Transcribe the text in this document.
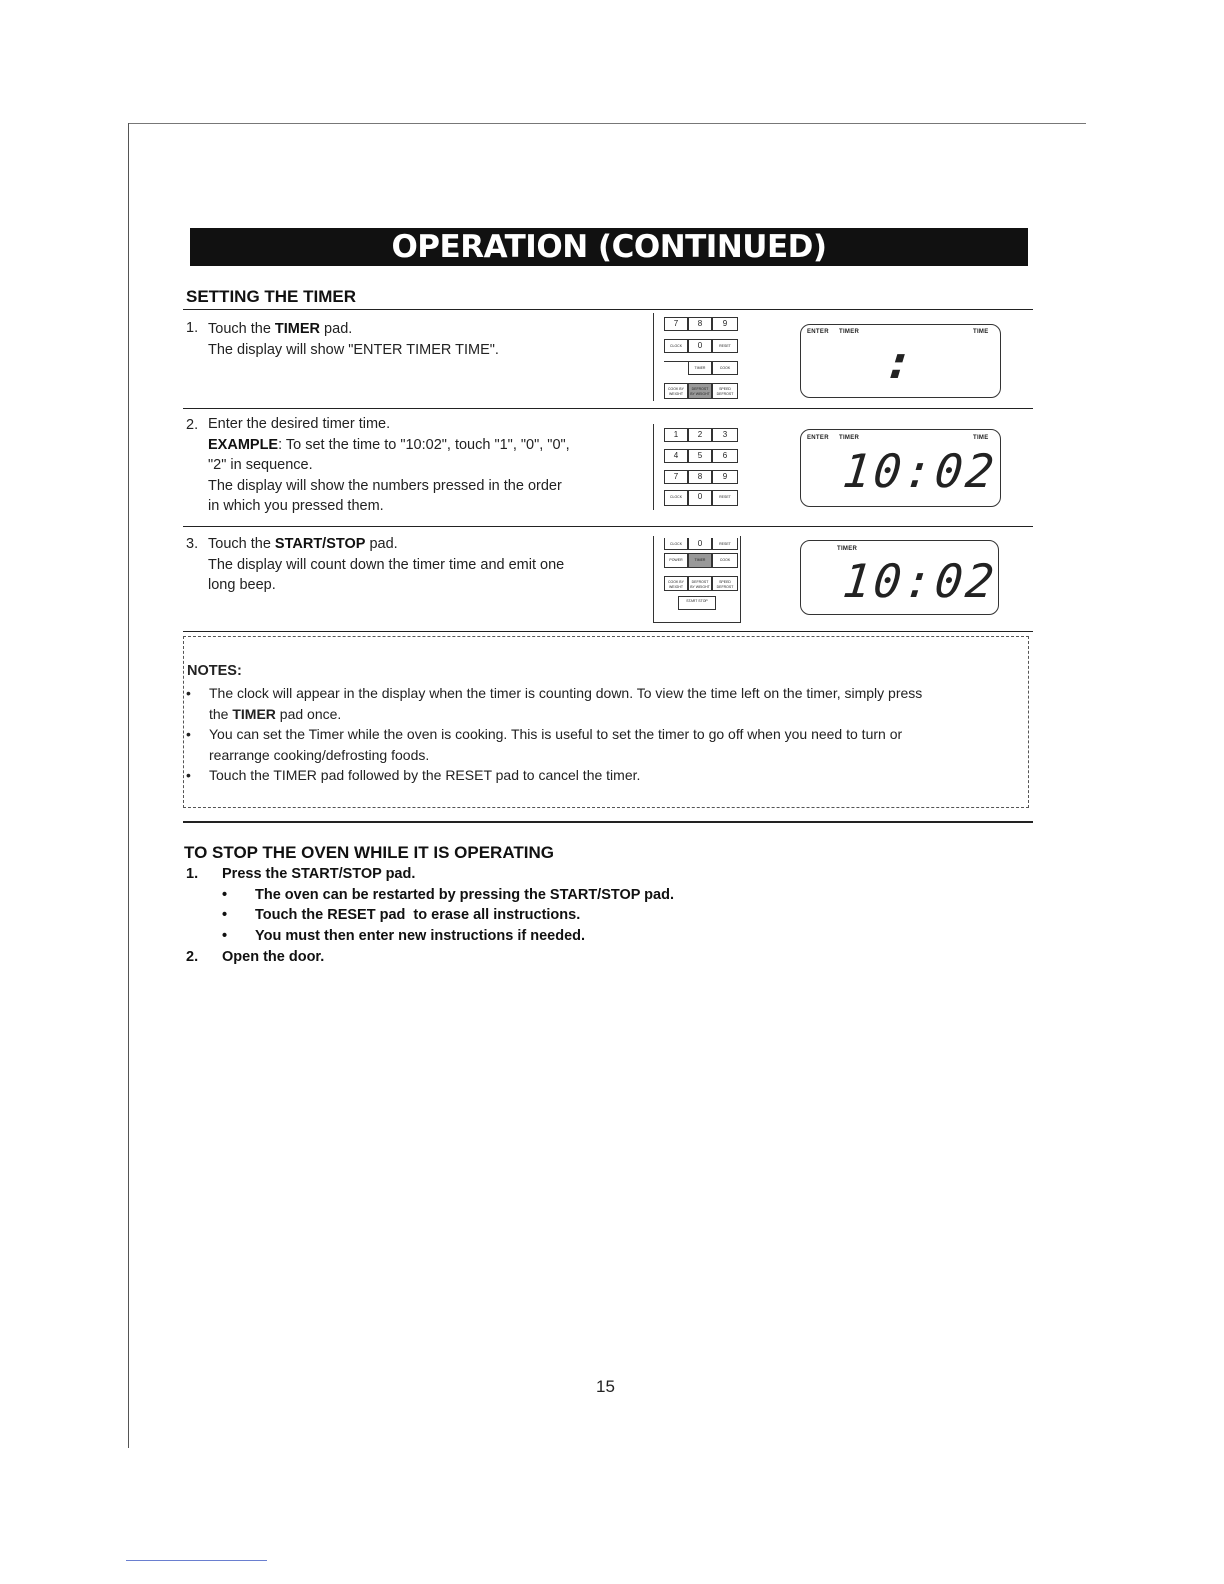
OPERATION (CONTINUED)
SETTING THE TIMER
1. Touch the TIMER pad.
The display will show "ENTER TIMER TIME".
7	8	9
CLOCK	0	RESET
TIMER	COOK
COOK BY WEIGHT
DEFROST BY WEIGHT
SPEED DEFROST
ENTER TIMER	TIME
:
2. Enter the desired timer time.
EXAMPLE: To set the time to "10:02", touch "1", "0", "0",
"2" in sequence.
The display will show the numbers pressed in the order
in which you pressed them.
1	2	3
4	5	6
7	8	9
CLOCK	0	RESET
ENTER TIMER	TIME
10:02
3. Touch the START/STOP pad.
The display will count down the timer time and emit one
long beep.
CLOCK	0	RESET
POWER	TIMER	COOK
COOK BY WEIGHT
DEFROST BY WEIGHT
SPEED DEFROST
START STOP
TIMER
10:02
NOTES:
• The clock will appear in the display when the timer is counting down. To view the time left on the timer, simply press
the TIMER pad once.
• You can set the Timer while the oven is cooking. This is useful to set the timer to go off when you need to turn or
rearrange cooking/defrosting foods.
• Touch the TIMER pad followed by the RESET pad to cancel the timer.
TO STOP THE OVEN WHILE IT IS OPERATING
1. Press the START/STOP pad.
• The oven can be restarted by pressing the START/STOP pad.
• Touch the RESET pad  to erase all instructions.
• You must then enter new instructions if needed.
2. Open the door.
15
